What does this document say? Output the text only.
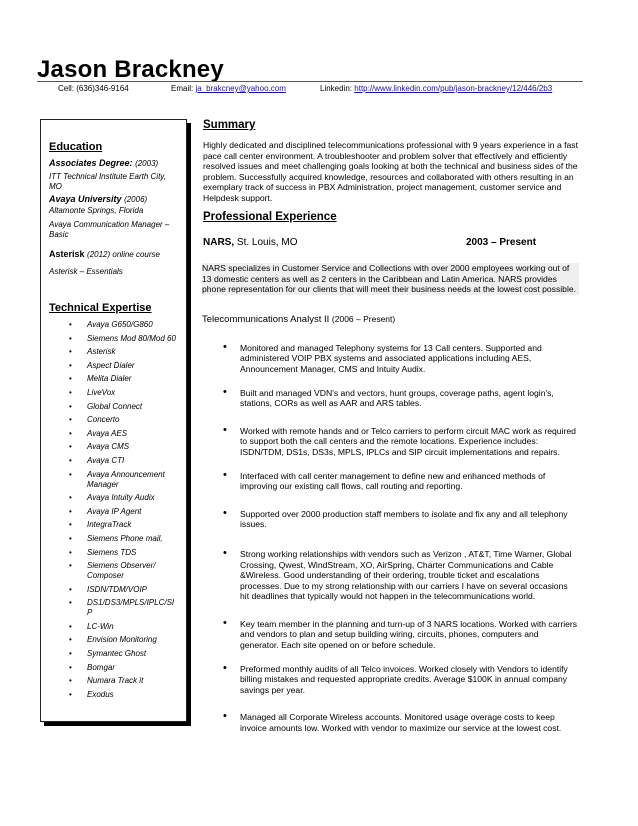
Jason Brackney
Cell: (636)346-9164	Email: ja_brakcney@yahoo.com	Linkedin: http://www.linkedin.com/pub/jason-brackney/12/446/2b3
Education
Associates Degree: (2003)
ITT Technical Institute Earth City, MO
Avaya University (2006)
Altamonte Springs, Florida
Avaya Communication Manager – Basic
Asterisk (2012) online course
Asterisk – Essentials
Technical Expertise
• Avaya G650/G860
• Siemens Mod 80/Mod 60
• Asterisk
• Aspect Dialer
• Melita Dialer
• LiveVox
• Global Connect
• Concerto
• Avaya AES
• Avaya CMS
• Avaya CTI
• Avaya Announcement Manager
• Avaya Intuity Audix
• Avaya IP Agent
• IntegraTrack
• Siemens Phone mail,
• Siemens TDS
• Siemens Observer/ Composer
• ISDN/TDM/VOIP
• DS1/DS3/MPLS/IPLC/SI P
• LC-Win
• Envision Monitoring
• Symantec Ghost
• Bomgar
• Numara Track it
• Exodus
Summary

Highly dedicated and disciplined telecommunications professional with 9 years experience in a fast pace call center environment. A troubleshooter and problem solver that effectively and efficiently resolved issues and meet challenging goals looking at both the technical and business sides of the problem. Successfully acquired knowledge, resources and collaborated with others resulting in an exemplary track of success in PBX Administration, project management, customer service and Helpdesk support.

Professional Experience
NARS, St. Louis, MO	2003 – Present

NARS specializes in Customer Service and Collections with over 2000 employees working out of 13 domestic centers as well as 2 centers in the Caribbean and Latin America. NARS provides phone representation for our clients that will meet their business needs at the lowest cost possible.

Telecommunications Analyst II (2006 – Present)
• Monitored and managed Telephony systems for 13 Call centers. Supported and administered VOIP PBX systems and associated applications including AES, Announcement Manager, CMS and Intuity Audix.
• Built and managed VDN's and vectors, hunt groups, coverage paths, agent login's, stations, CORs as well as AAR and ARS tables.
• Worked with remote hands and or Telco carriers to perform circuit MAC work as required to support both the call centers and the remote locations. Experience includes: ISDN/TDM, DS1s, DS3s, MPLS, IPLCs and SIP circuit implementations and repairs.
• Interfaced with call center management to define new and enhanced methods of improving our existing call flows, call routing and reporting.
• Supported over 2000 production staff members to isolate and fix any and all telephony issues.
• Strong working relationships with vendors such as Verizon , AT&T, Time Warner, Global Crossing, Qwest, WindStream, XO, AirSpring, Charter Communications and Cable &Wireless. Good understanding of their ordering, trouble ticket and escalations processes. Due to my strong relationship with our carriers I have on several occasions hit deadlines that typically would not happen in the telecommunications world.
• Key team member in the planning and turn-up of 3 NARS locations. Worked with carriers and vendors to plan and setup building wiring, circuits, phones, computers and generator. Each site opened on or before schedule.
• Preformed monthly audits of all Telco invoices. Worked closely with Vendors to identify billing mistakes and requested appropriate credits. Average $100K in annual company savings per year.
• Managed all Corporate Wireless accounts. Monitored usage overage costs to keep invoice amounts low. Worked with vendor to maximize our service at the lowest cost.
